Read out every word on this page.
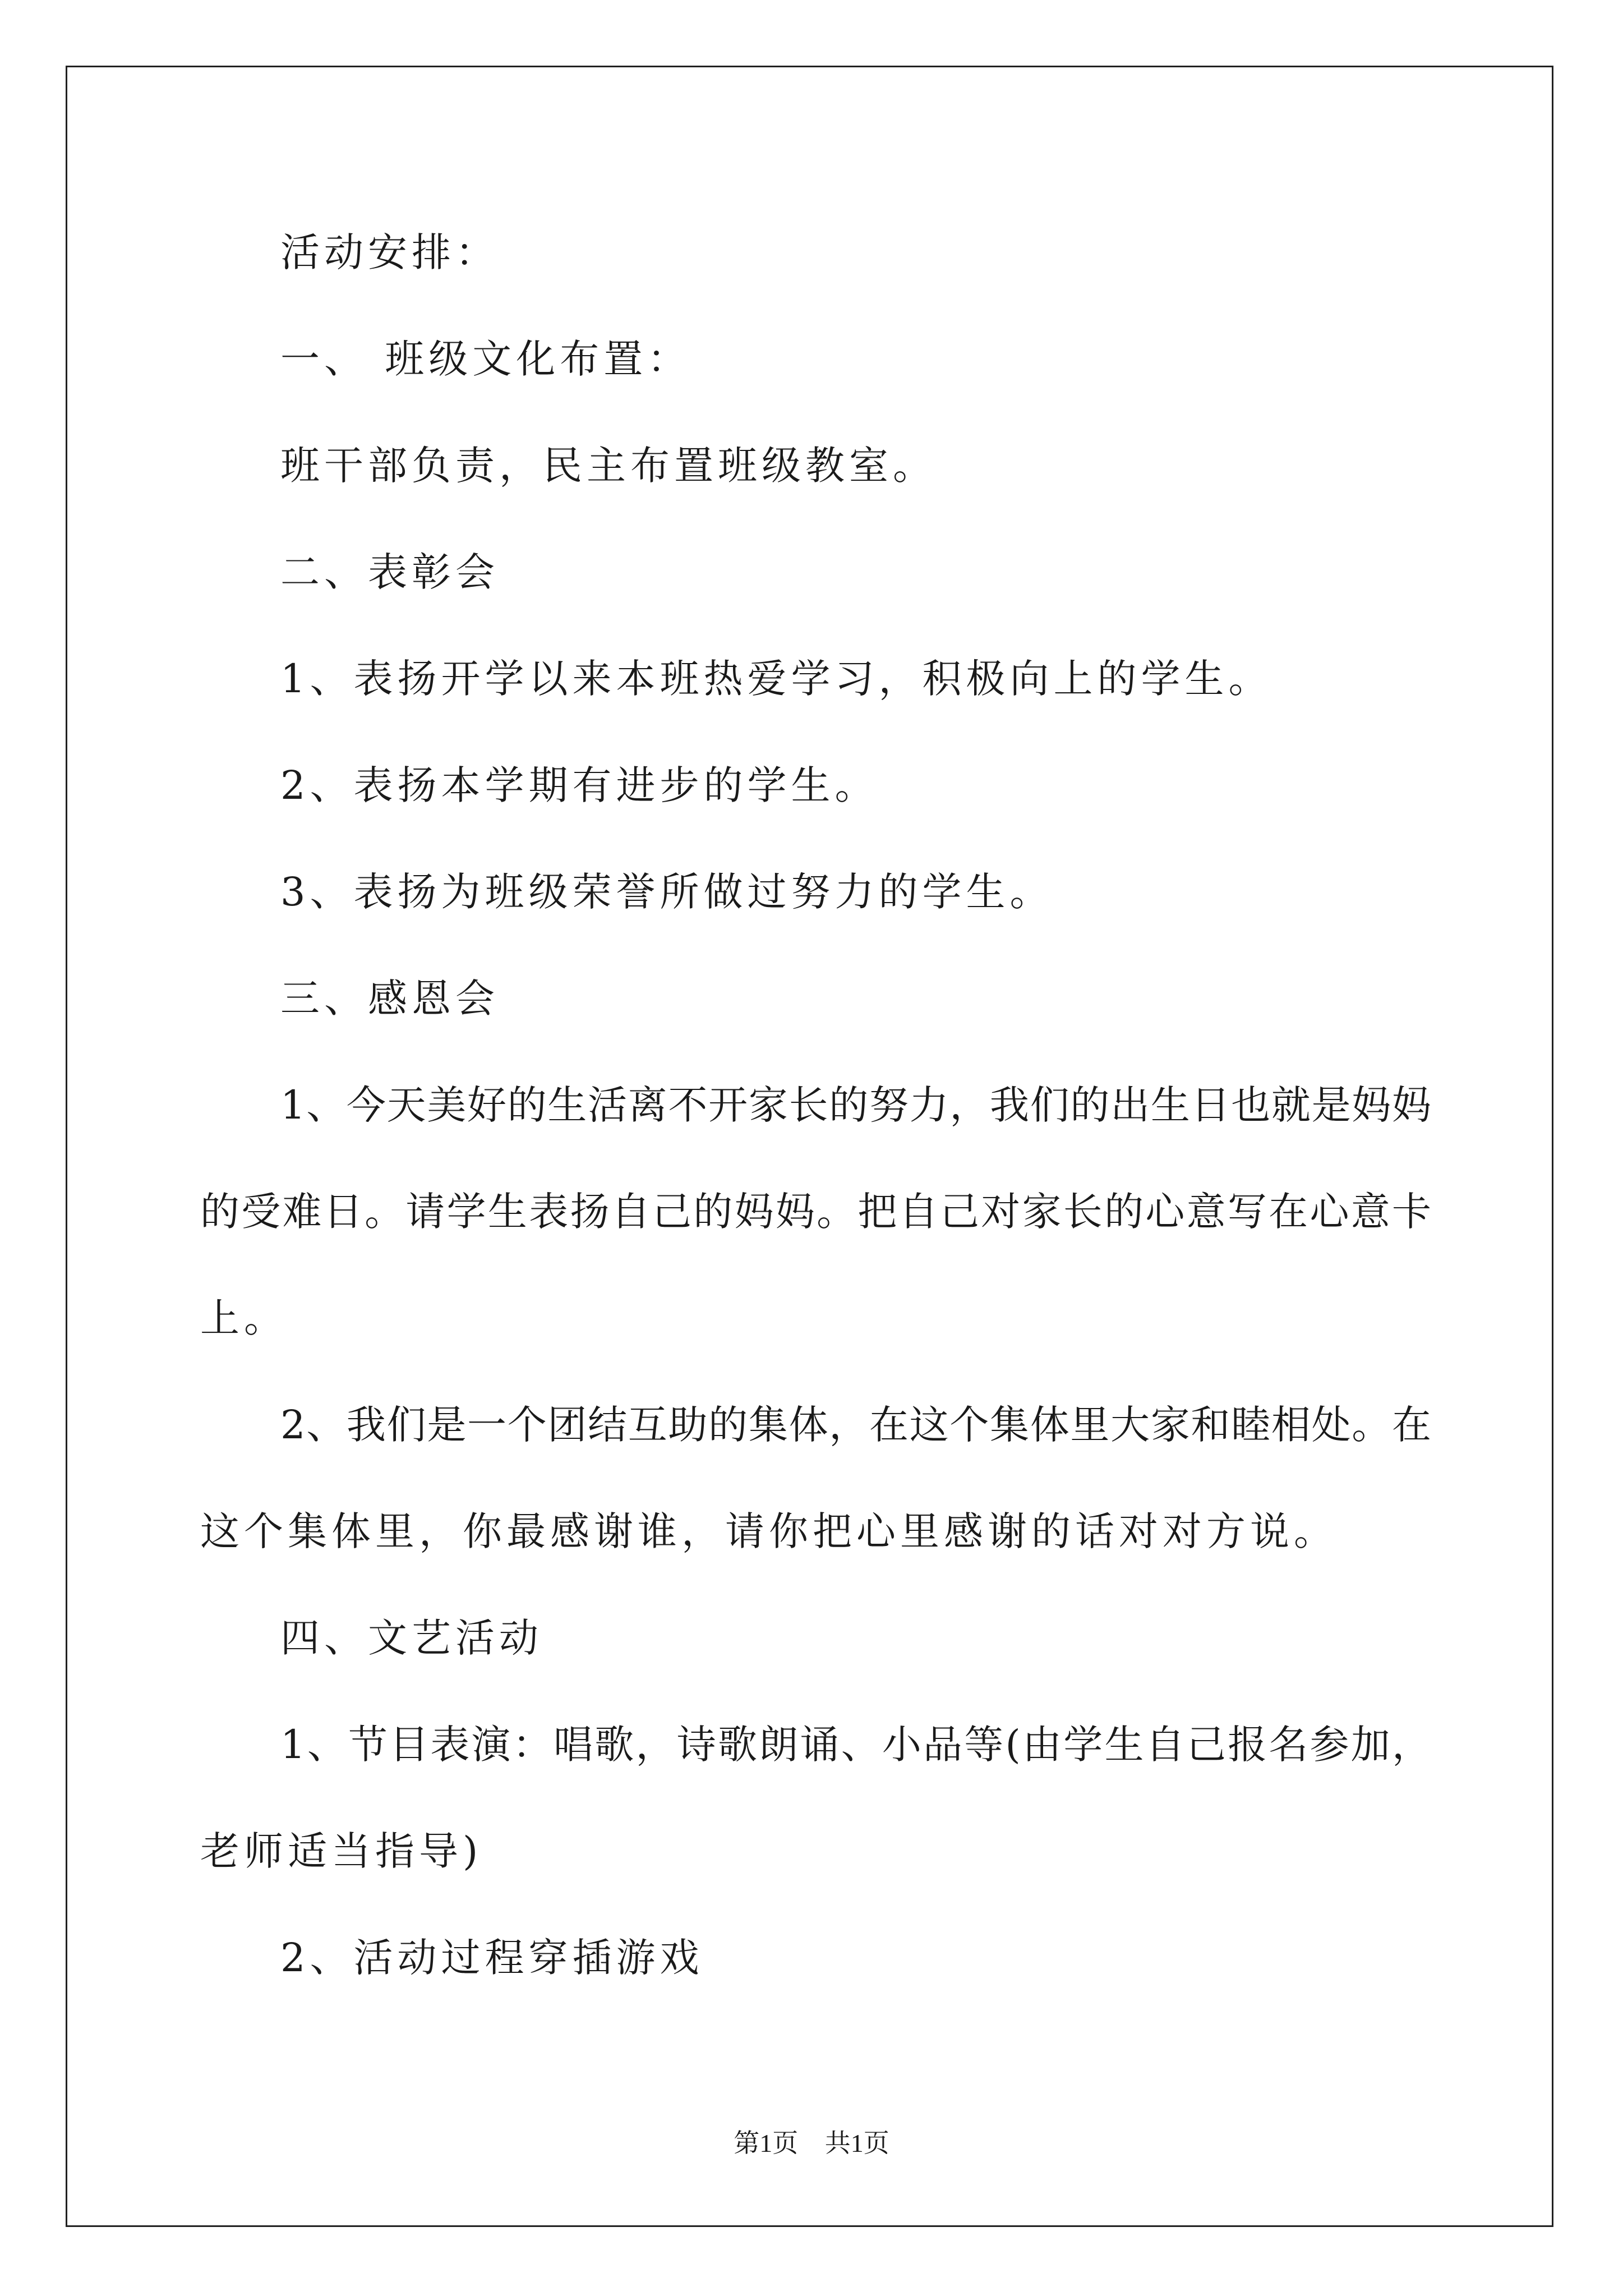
活动安排：
一、 班级文化布置：
班干部负责，民主布置班级教室。
二、表彰会
1、表扬开学以来本班热爱学习，积极向上的学生。
2、表扬本学期有进步的学生。
3、表扬为班级荣誉所做过努力的学生。
三、感恩会
1、今天美好的生活离不开家长的努力，我们的出生日也就是妈妈
的受难日。请学生表扬自己的妈妈。把自己对家长的心意写在心意卡
上。
2、我们是一个团结互助的集体，在这个集体里大家和睦相处。在
这个集体里，你最感谢谁，请你把心里感谢的话对对方说。
四、文艺活动
1、节目表演：唱歌，诗歌朗诵、小品等(由学生自己报名参加，
老师适当指导)
2、活动过程穿插游戏
第1页 共1页
